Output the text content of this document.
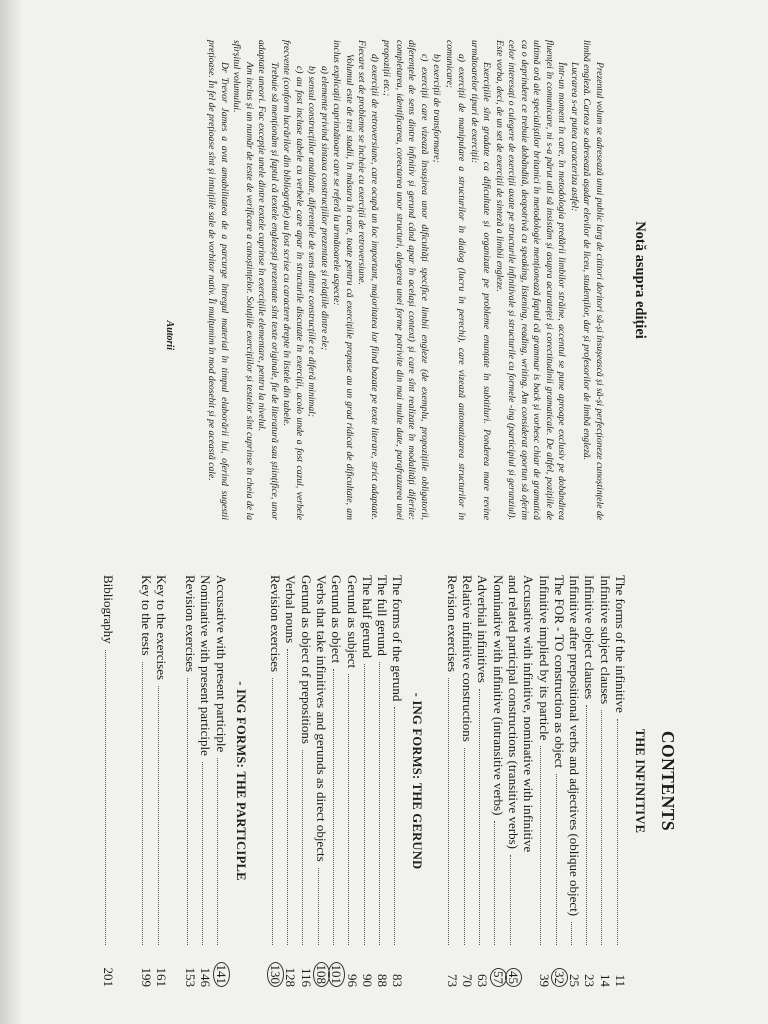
Notă asupra ediției

Prezentul volum se adresează unui public larg de cititori doritori să-și însușească și să-și perfecționeze cunoștințele de limbă engleză. Cartea se adresează așadar elevilor de liceu, studenților, dar și profesorilor de limbă engleză.

Lucrarea s-ar putea caracteriza astfel:

Într-un moment în care, în metodologia predării limbilor străine, accentul se pune aproape exclusiv pe dobândirea fluenței în comunicare, ni s-a părut util să insistăm și asupra acurateței și corectitudinii gramaticale. De altfel, pozițiile de ultimă oră ale specialiștilor britanici în metodologie menționează faptul că grammar is back și vorbesc chiar de gramatică ca o deprindere ce trebuie dobândită, deopotrivă cu speaking, listening, reading, writing. Am considerat oportun să oferim celor interesați o culegere de exerciții axate pe structurile infinitivale și structurile cu formele -ing (participiul și gerunziul). Este vorba, deci, de un set de exerciții de sinteză a limbii engleze.

Exercițiile sînt gradate ca dificultate și organizate pe probleme enunțate în subtitluri. Ponderea mare revine următoarelor tipuri de exerciții:

a) exerciții de manipulare a structurilor în dialog (lucru în perechi), care vizează automatizarea structurilor în comunicare;

b) exerciții de transformare;

c) exerciții care vizează însușirea unor dificultăți specifice limbii engleze (de exemplu, propozițiile obligatorii, diferențele de sens dintre infinitiv și gerund când apar în același context) și care sînt realizate în modalități diferite: completarea, identificarea, corectarea unor structuri, alegerea unei forme potrivite din mai multe date, parafrazarea unei propoziții etc.;

d) exerciții de retroversiune, care ocupă un loc important, majoritatea lor fiind bazate pe texte literare, strict adaptate. Fiecare set de probleme se încheie cu exerciții de retroversiune.

Volumul este de trei stadii, în măsura în care, toate pentru că exercițiile propuse au un grad ridicat de dificultate, am inclus explicații cuprinzătoare care se referă la următoarele aspecte:

a) elemente privind sintaxa construcțiilor prezentate și relațiile dintre ele;

b) sensul construcțiilor analizate, diferențele de sens dintre construcțiile ce diferă minimal;

c) au fost incluse tabele cu verbele care apar în structurile discutate în exerciții, acolo unde a fost cazul, verbele frecvente (conform lucrărilor din bibliografie) au fost scrise cu caractere drepte în listele din tabele.

Trebuie să menționăm și faptul că textele englezești prezentate sînt texte originale, fie de literatură sau științifice, unor adaptate uneori. Fac excepție unele dintre textele cuprinse în exercițiile elementare, pentru la nivelul.

Am inclus și un număr de teste de verificare a cunoștințelor. Soluțiile exercițiilor și testelor sînt cuprinse în cheia de la sfîrșitul volumului.

Dr Trevor James a avut amabilitatea de a parcurge întregul material în timpul elaborării lui, oferind sugestii prețioase. În fel de prețioase sînt și intuițiile sale de vorbitor nativ. Îi mulțumim în mod deosebit și pe această cale.

Autorii
CONTENTS
THE INFINITIVE
The forms of the infinitive
11
Infinitive subject clauses
14
Infinitive object clauses
23
Infinitive after prepositional verbs and adjectives (oblique object)
25
The FOR - TO construction as object
32
Infinitive implied by its particle
39
Accusative with infinitive, nominative with infinitive
and related participal constructions (transitive verbs)
45
Nominative with infinitive (intransitive verbs)
57
Adverbial infinitives
63
Relative infinitive constructions
70
Revision exercises
73
- ING FORMS: THE GERUND
The forms of the gerund
83
The full gerund
88
The half gerund
90
Gerund as subject
96
Gerund as object
101
Verbs that take infinitives and gerunds as direct objects
108
Gerund as object of prepositions
116
Verbal nouns
128
Revision exercises
130
- ING FORMS: THE PARTICIPLE
Accusative with present participle
141
Nominative with present participle
146
Revision exercises
153
Key to the exercises
161
Key to the tests
199
Bibliography
201
